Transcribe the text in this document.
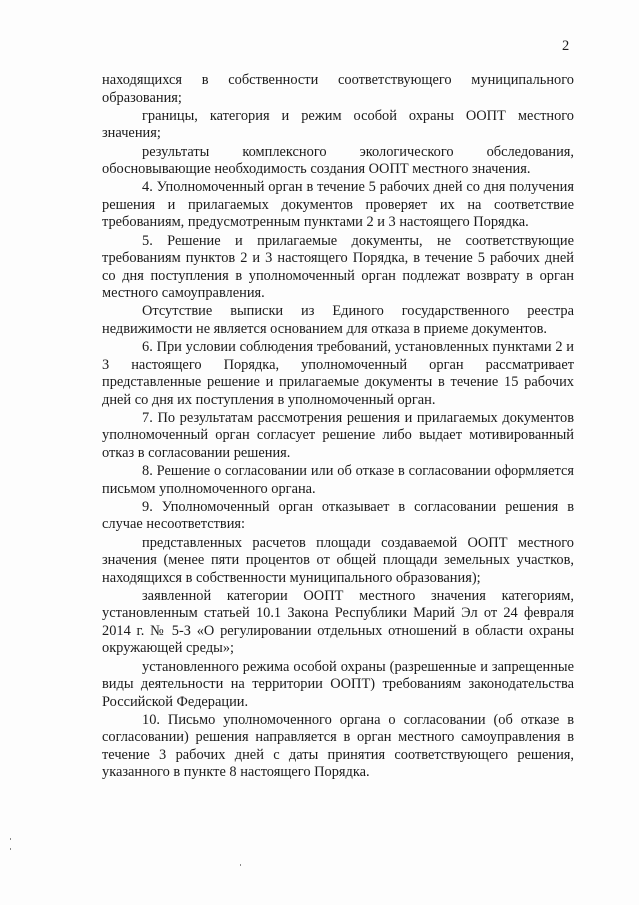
2

находящихся в собственности соответствующего муниципального образования;

границы, категория и режим особой охраны ООПТ местного значения;

результаты комплексного экологического обследования, обосновывающие необходимость создания ООПТ местного значения.

4. Уполномоченный орган в течение 5 рабочих дней со дня получения решения и прилагаемых документов проверяет их на соответствие требованиям, предусмотренным пунктами 2 и 3 настоящего Порядка.

5. Решение и прилагаемые документы, не соответствующие требованиям пунктов 2 и 3 настоящего Порядка, в течение 5 рабочих дней со дня поступления в уполномоченный орган подлежат возврату в орган местного самоуправления.

Отсутствие выписки из Единого государственного реестра недвижимости не является основанием для отказа в приеме документов.

6. При условии соблюдения требований, установленных пунктами 2 и 3 настоящего Порядка, уполномоченный орган рассматривает представленные решение и прилагаемые документы в течение 15 рабочих дней со дня их поступления в уполномоченный орган.

7. По результатам рассмотрения решения и прилагаемых документов уполномоченный орган согласует решение либо выдает мотивированный отказ в согласовании решения.

8. Решение о согласовании или об отказе в согласовании оформляется письмом уполномоченного органа.

9. Уполномоченный орган отказывает в согласовании решения в случае несоответствия:

представленных расчетов площади создаваемой ООПТ местного значения (менее пяти процентов от общей площади земельных участков, находящихся в собственности муниципального образования);

заявленной категории ООПТ местного значения категориям, установленным статьей 10.1 Закона Республики Марий Эл от 24 февраля 2014 г. № 5-З «О регулировании отдельных отношений в области охраны окружающей среды»;

установленного режима особой охраны (разрешенные и запрещенные виды деятельности на территории ООПТ) требованиям законодательства Российской Федерации.

10. Письмо уполномоченного органа о согласовании (об отказе в согласовании) решения направляется в орган местного самоуправления в течение 3 рабочих дней с даты принятия соответствующего решения, указанного в пункте 8 настоящего Порядка.
